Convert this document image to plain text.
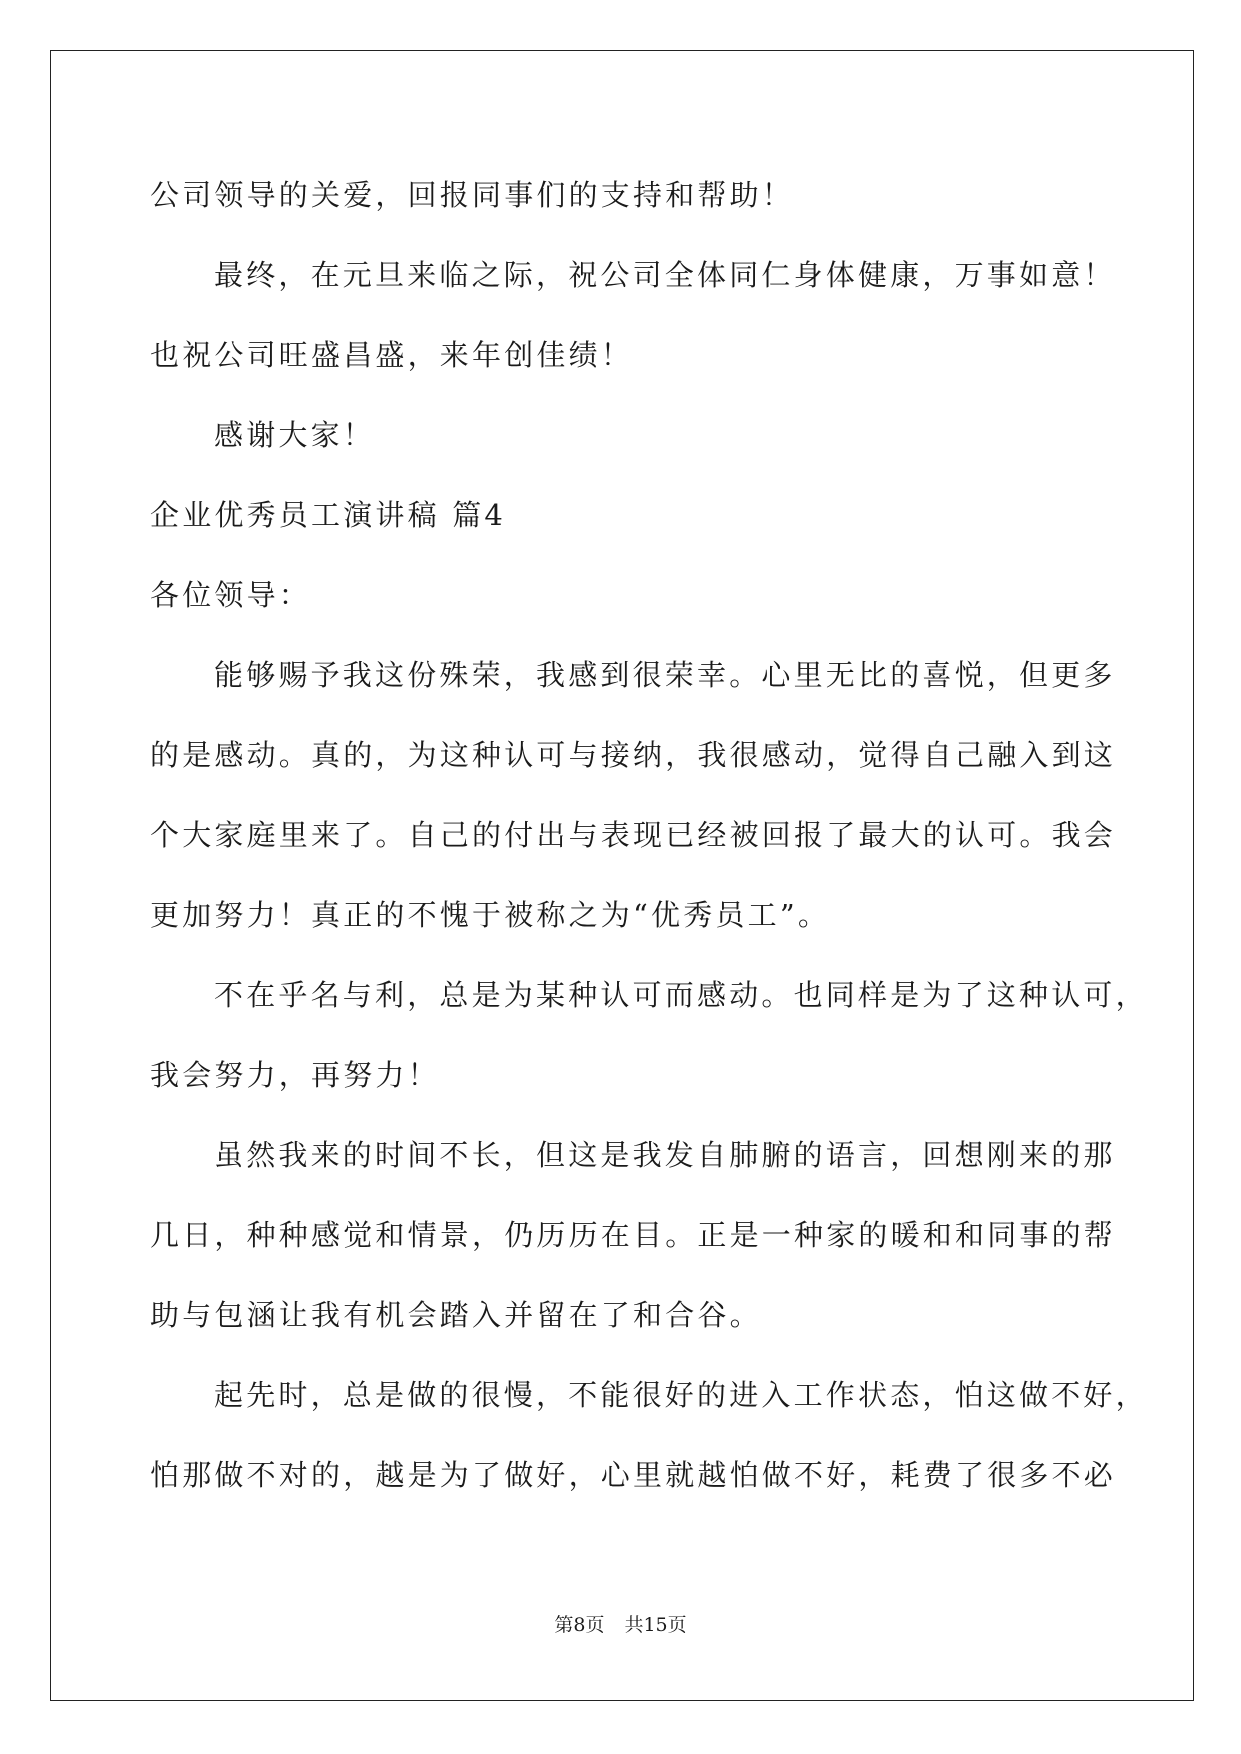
公司领导的关爱，回报同事们的支持和帮助！

最终，在元旦来临之际，祝公司全体同仁身体健康，万事如意！

也祝公司旺盛昌盛，来年创佳绩！

感谢大家！

企业优秀员工演讲稿 篇4

各位领导：

能够赐予我这份殊荣，我感到很荣幸。心里无比的喜悦，但更多

的是感动。真的，为这种认可与接纳，我很感动，觉得自己融入到这

个大家庭里来了。自己的付出与表现已经被回报了最大的认可。我会

更加努力！真正的不愧于被称之为“优秀员工”。

不在乎名与利，总是为某种认可而感动。也同样是为了这种认可，

我会努力，再努力！

虽然我来的时间不长，但这是我发自肺腑的语言，回想刚来的那

几日，种种感觉和情景，仍历历在目。正是一种家的暖和和同事的帮

助与包涵让我有机会踏入并留在了和合谷。

起先时，总是做的很慢，不能很好的进入工作状态，怕这做不好，

怕那做不对的，越是为了做好，心里就越怕做不好，耗费了很多不必

第8页 共15页
